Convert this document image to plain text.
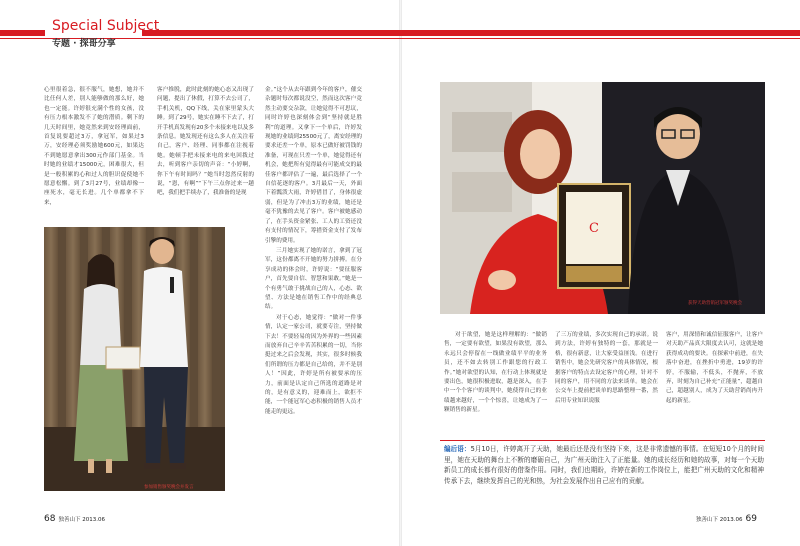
Special Subject
专题 · 探哥分享

心里很着急，很不服气，她想，她并不比任何人差，别人能够做的那么好，她也一定能。许婷很充满个性的女孩，没有压力根本激发不了她的潜质。剩下的几天时间里，她竟然来到安经理面前，首复说要超过3万，拿冠军，如果过3万，安经理必须奖励她600元，如果达不到她愿意拿出300元作部门基金。当时她的业绩才15000元，困难很大，但是一般积累的心和过人的胆识促使她不愿意松懈。到了3月27号，业绩却像一座死水，毫无长进。几个单都拿不下来，

客户推脱，此时此刻的她心态又出现了问题，提出了休假，打算不去公司了，手机关机，QQ下线，关在家里蒙头大睡。到了29号，她实在睡不下去了，打开手机真发现有20多个未接来电以及多条信息。她发现还有这么多人在关注着自己，客户、经理、同事都在注视着她。她顿手把未接来电的来电回拨过去，听到客户亲切的声音：“小婷啊，你下午有时间吗？”她当时忽然反射的说，“恩，有啊”“下午三点你过来一趟吧，我们把手续办了，我准备的是现

金。”这个从去年跟到今年的客户，催交杂题时每次都说没空，然而这次客户竟然主动要交杂款，让她觉得不可思议，同时许婷也深刻体会到“坚持就是胜利”的道理。又拿下一个单后，许婷发现她的业绩到25500元了，离安经理的要求还差一个单，原本已做好被罚钱的准备，可现在只差一个单，她觉得还有机会，她把所有觉得最有可能成交的最佳客户都评估了一遍，最后选择了一个自信花逐的客户。3月最后一天，外面下着瓢泼大雨，许婷借冒了，身体很虚弱，但是为了冲击3万的业绩，她还是毫不犹豫的去见了客户。客户被她感动了，在手头资金紧张、工人的工资还没有支付的情况下，筹措资金支付了发布引擎的费用。

三月她实现了她的诺言，拿到了冠军，这份都离不开她的努力拼搏。在分享成功的体会时，许婷说：“要征服客户，首先要自信、智慧和果敢。”她是一个有勇气敢于挑战自己的人，心态、欲望、方法是她在销售工作中的经典总结。

对于心态，她觉得：“做对一件事情，认定一家公司，就要专注，坚持做下去！不要轻易的因为外界的一些因素而放弃自己辛辛苦苦积累的一切，当你挺过来之后会发现，其实，很多时候我们所谓的压力都是自己给的，并不是别人！”因此，许婷是所有被要承的压力，前面是认定自己所选的道路是对的，是有意义的，迎难而上，欲拒不能，一个能冠军心态积极的销售人员才能走的更远。

参加销售颁奖晚会并发言
C
获得天助营销冠军颁奖晚会

对于欲望，她是这样理解的：“做销售，一定要有欲望，如果没有欲望，那么永远只会停留在一线做业绩平平的业务员，还不如去转别工作跟您的行政工作。”她对欲望的认知，在行动上体现就是要出色，她很积极进取，越是深入，在手中一个个客户的谈判中，她使得自己的业绩越来越好，一个个惊喜，让她成为了一颗销售的新星。

了三万的业绩，多次实现自己的承诺。说到方法，许婷有独特的一套，那就是一格，很有新意，让大家受益匪浅。在进行销售中，她会先研究客户的具体情况，根据客户的特点去设定客户的心理，针对不同的客户，用不同的方法来谈单。她会在公交车上提前把谈单的思路整理一番，然后用专业知识说服

客户，用深情和诚信征服客户，让客户对天助产品真大限度去认可，这就是她获得成功的要诀。在探索中前进，在失落中奋进，在挫折中勇进，19岁的许婷，不服输，不低头，不抛弃，不放弃，时刻为自己补充“正能量”，超越自己，超越别人，成为了天助营销尚冉升起的新星。

编后语：5月10日，许婷离开了天助，她最后还是没有坚持下来，这是非常遗憾的事情。在短短10个月的时间里，她在天助的舞台上不断的磨砺自己，为广州天助注入了正能量。她的成长经历和她的故事，对每一个天助新员工的成长都有很好的借鉴作用。同时，我们也期盼，许婷在新的工作岗位上，能把广州天助的文化和精神传承下去，继续发挥自己的光和热，为社会发展作出自己应有的贡献。
68 独善山下 2013.06	独善山下 2013.06 69
